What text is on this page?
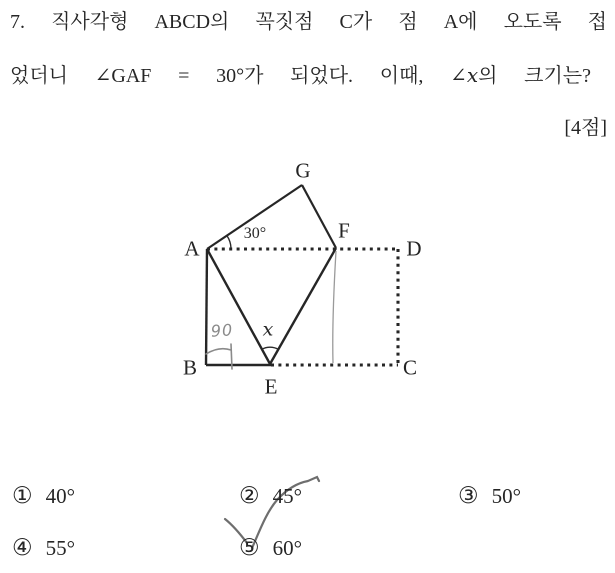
7. 직사각형 ABCD의 꼭짓점 C가 점 A에 오도록 접
었더니 ∠GAF = 30°가 되었다. 이때, ∠x의 크기는?
[4점]
G
A
F
D
B
E
C
30°
x
90
① 40°	② 45°	③ 50°
④ 55°	⑤ 60°
